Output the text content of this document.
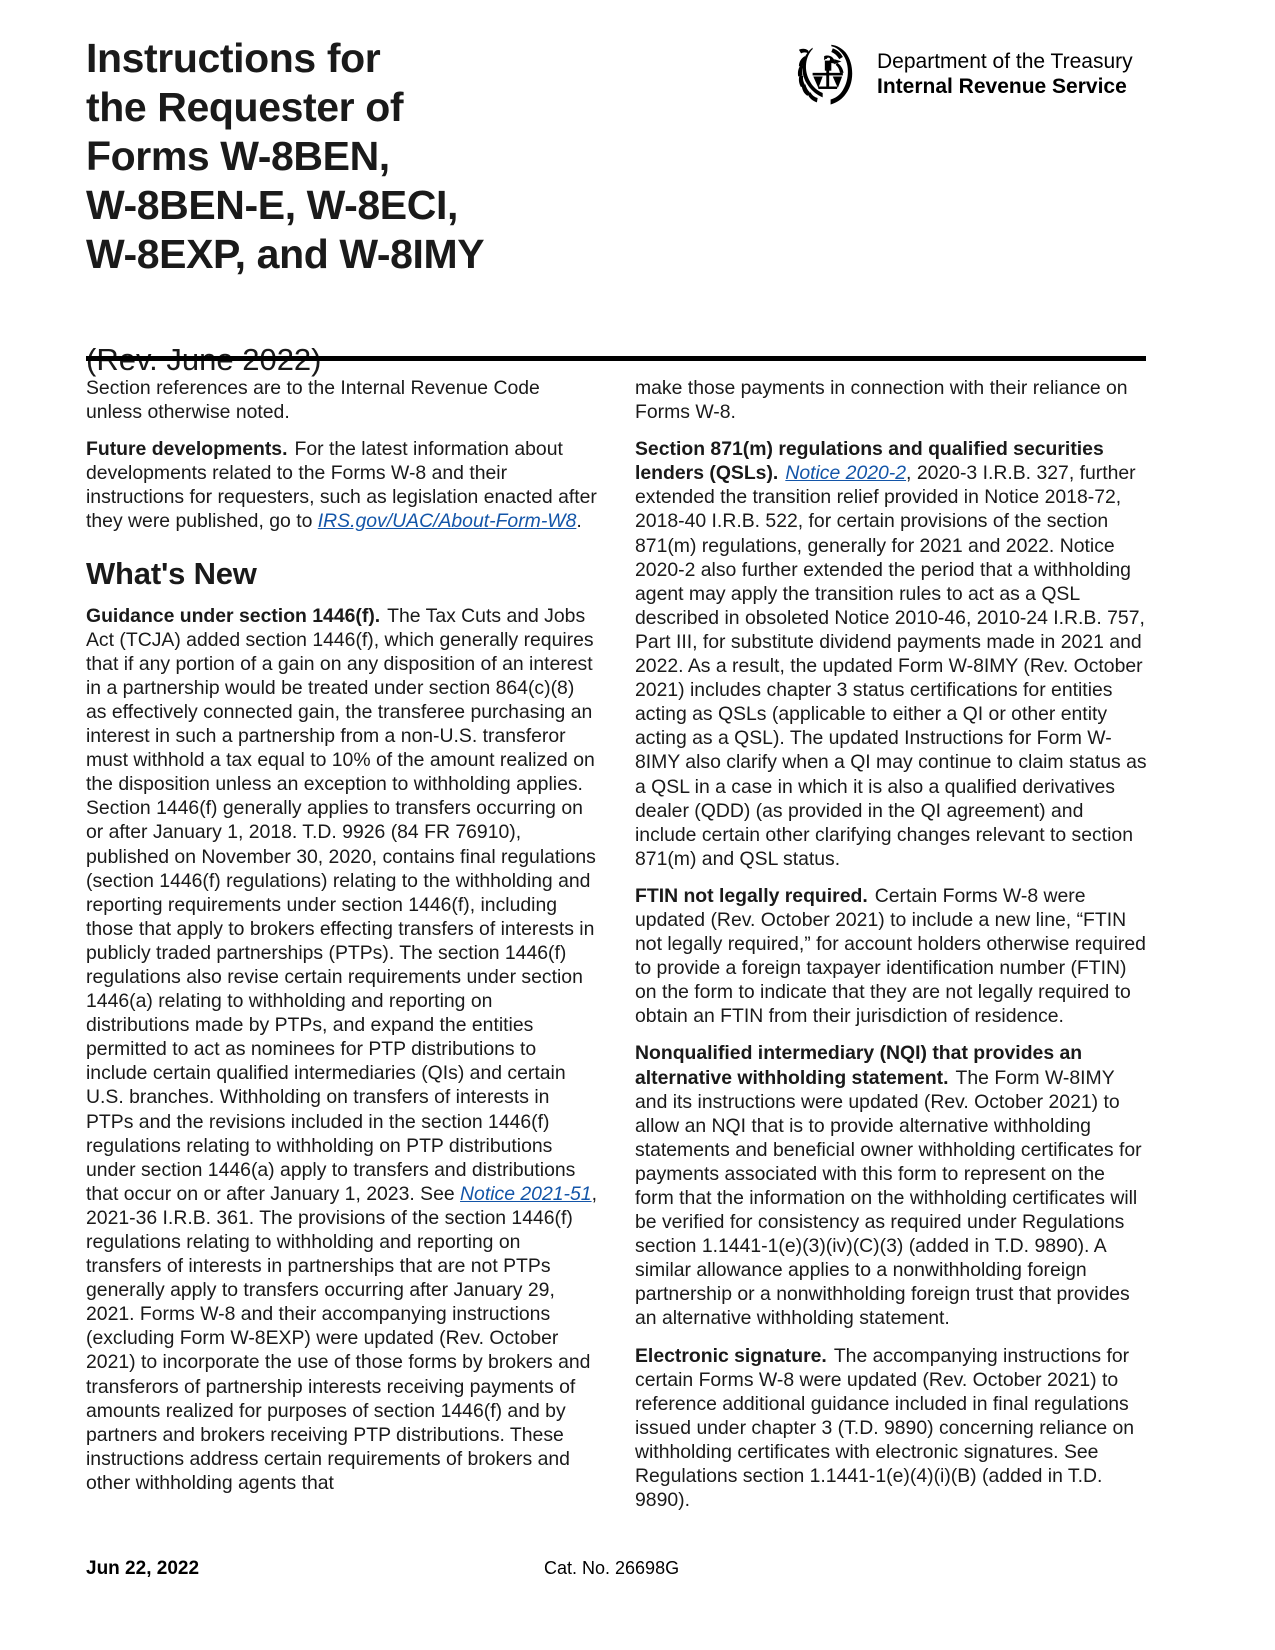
Instructions for
the Requester of
Forms W-8BEN,
W-8BEN-E, W-8ECI,
W-8EXP, and W-8IMY
Department of the Treasury
Internal Revenue Service

Section references are to the Internal Revenue Code unless otherwise noted.

Future developments. For the latest information about developments related to the Forms W-8 and their instructions for requesters, such as legislation enacted after they were published, go to IRS.gov/UAC/About-Form-W8.

What's New

Guidance under section 1446(f). The Tax Cuts and Jobs Act (TCJA) added section 1446(f), which generally requires that if any portion of a gain on any disposition of an interest in a partnership would be treated under section 864(c)(8) as effectively connected gain, the transferee purchasing an interest in such a partnership from a non-U.S. transferor must withhold a tax equal to 10% of the amount realized on the disposition unless an exception to withholding applies. Section 1446(f) generally applies to transfers occurring on or after January 1, 2018. T.D. 9926 (84 FR 76910), published on November 30, 2020, contains final regulations (section 1446(f) regulations) relating to the withholding and reporting requirements under section 1446(f), including those that apply to brokers effecting transfers of interests in publicly traded partnerships (PTPs). The section 1446(f) regulations also revise certain requirements under section 1446(a) relating to withholding and reporting on distributions made by PTPs, and expand the entities permitted to act as nominees for PTP distributions to include certain qualified intermediaries (QIs) and certain U.S. branches. Withholding on transfers of interests in PTPs and the revisions included in the section 1446(f) regulations relating to withholding on PTP distributions under section 1446(a) apply to transfers and distributions that occur on or after January 1, 2023. See Notice 2021-51, 2021-36 I.R.B. 361. The provisions of the section 1446(f) regulations relating to withholding and reporting on transfers of interests in partnerships that are not PTPs generally apply to transfers occurring after January 29, 2021. Forms W-8 and their accompanying instructions (excluding Form W-8EXP) were updated (Rev. October 2021) to incorporate the use of those forms by brokers and transferors of partnership interests receiving payments of amounts realized for purposes of section 1446(f) and by partners and brokers receiving PTP distributions. These instructions address certain requirements of brokers and other withholding agents that

make those payments in connection with their reliance on Forms W-8.

Section 871(m) regulations and qualified securities lenders (QSLs). Notice 2020-2, 2020-3 I.R.B. 327, further extended the transition relief provided in Notice 2018-72, 2018-40 I.R.B. 522, for certain provisions of the section 871(m) regulations, generally for 2021 and 2022. Notice 2020-2 also further extended the period that a withholding agent may apply the transition rules to act as a QSL described in obsoleted Notice 2010-46, 2010-24 I.R.B. 757, Part III, for substitute dividend payments made in 2021 and 2022. As a result, the updated Form W-8IMY (Rev. October 2021) includes chapter 3 status certifications for entities acting as QSLs (applicable to either a QI or other entity acting as a QSL). The updated Instructions for Form W-8IMY also clarify when a QI may continue to claim status as a QSL in a case in which it is also a qualified derivatives dealer (QDD) (as provided in the QI agreement) and include certain other clarifying changes relevant to section 871(m) and QSL status.

FTIN not legally required. Certain Forms W-8 were updated (Rev. October 2021) to include a new line, “FTIN not legally required,” for account holders otherwise required to provide a foreign taxpayer identification number (FTIN) on the form to indicate that they are not legally required to obtain an FTIN from their jurisdiction of residence.

Nonqualified intermediary (NQI) that provides an alternative withholding statement. The Form W-8IMY and its instructions were updated (Rev. October 2021) to allow an NQI that is to provide alternative withholding statements and beneficial owner withholding certificates for payments associated with this form to represent on the form that the information on the withholding certificates will be verified for consistency as required under Regulations section 1.1441-1(e)(3)(iv)(C)(3) (added in T.D. 9890). A similar allowance applies to a nonwithholding foreign partnership or a nonwithholding foreign trust that provides an alternative withholding statement.

Electronic signature. The accompanying instructions for certain Forms W-8 were updated (Rev. October 2021) to reference additional guidance included in final regulations issued under chapter 3 (T.D. 9890) concerning reliance on withholding certificates with electronic signatures. See Regulations section 1.1441-1(e)(4)(i)(B) (added in T.D. 9890).

Jun 22, 2022	Cat. No. 26698G
